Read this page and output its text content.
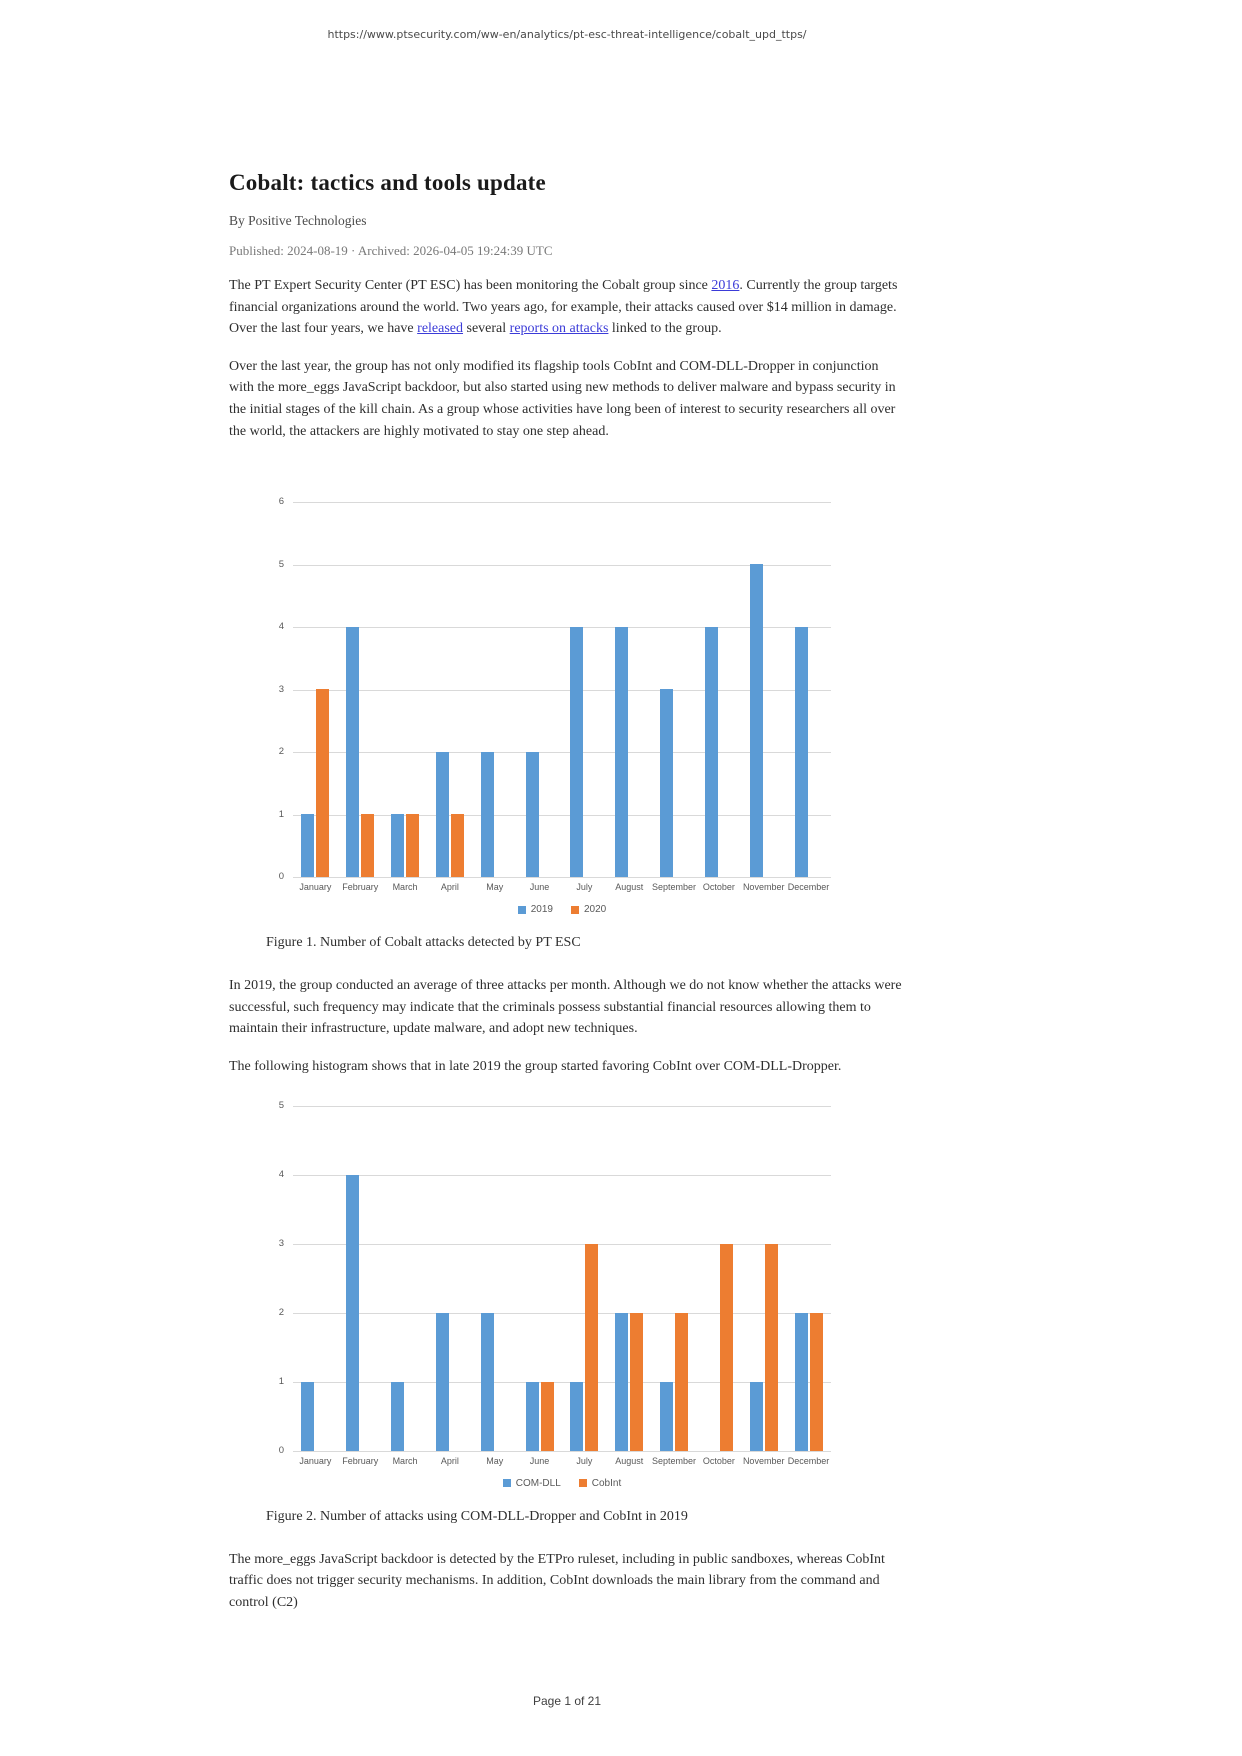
https://www.ptsecurity.com/ww-en/analytics/pt-esc-threat-intelligence/cobalt_upd_ttps/
Cobalt: tactics and tools update
By Positive Technologies
Published: 2024-08-19 · Archived: 2026-04-05 19:24:39 UTC

The PT Expert Security Center (PT ESC) has been monitoring the Cobalt group since 2016. Currently the group targets financial organizations around the world. Two years ago, for example, their attacks caused over $14 million in damage. Over the last four years, we have released several reports on attacks linked to the group.

Over the last year, the group has not only modified its flagship tools CobInt and COM-DLL-Dropper in conjunction with the more_eggs JavaScript backdoor, but also started using new methods to deliver malware and bypass security in the initial stages of the kill chain. As a group whose activities have long been of interest to security researchers all over the world, the attackers are highly motivated to stay one step ahead.

0
1
2
3
4
5
6
January	February	March	April	May	June	July	August September October November December
2019	2020
Figure 1. Number of Cobalt attacks detected by PT ESC

In 2019, the group conducted an average of three attacks per month. Although we do not know whether the attacks were successful, such frequency may indicate that the criminals possess substantial financial resources allowing them to maintain their infrastructure, update malware, and adopt new techniques.

The following histogram shows that in late 2019 the group started favoring CobInt over COM-DLL-Dropper.

0
1
2
3
4
5
January	February	March	April	May	June	July	August September October November December
COM-DLL	CobInt
Figure 2. Number of attacks using COM-DLL-Dropper and CobInt in 2019

The more_eggs JavaScript backdoor is detected by the ETPro ruleset, including in public sandboxes, whereas CobInt traffic does not trigger security mechanisms. In addition, CobInt downloads the main library from the command and control (C2)

Page 1 of 21
